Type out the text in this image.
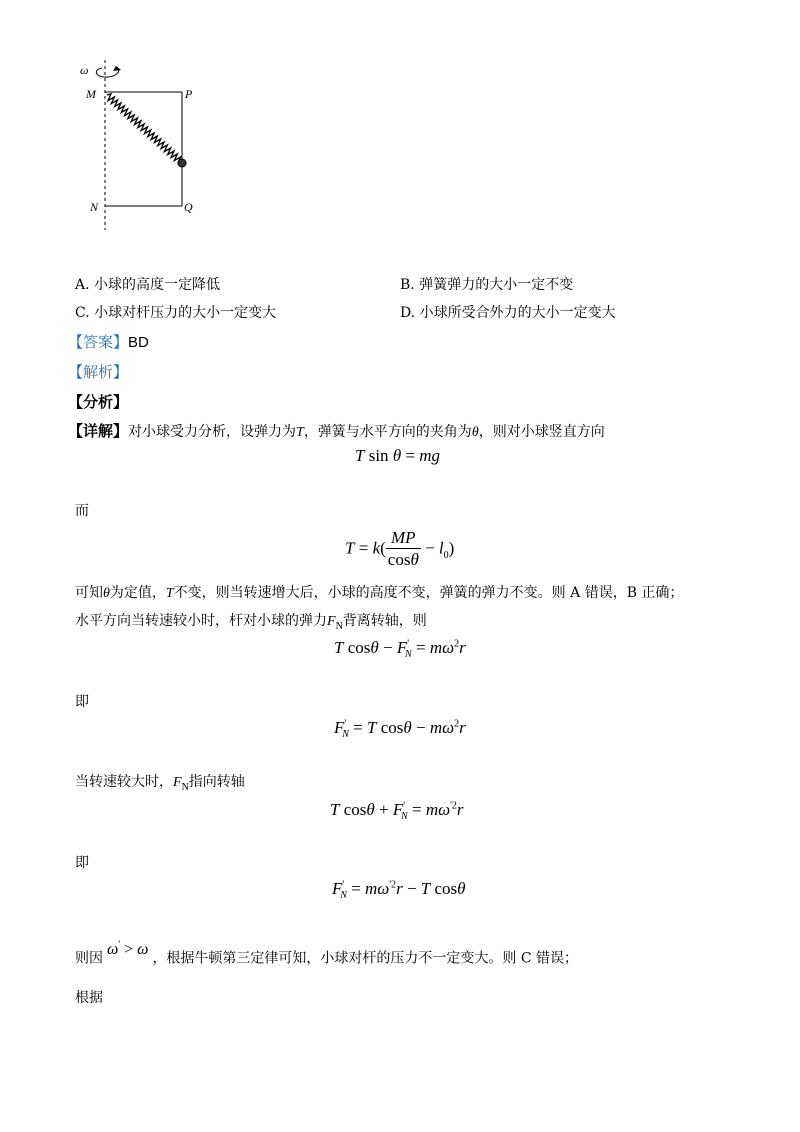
ω
M	P
N	Q
A. 小球的高度一定降低	B. 弹簧弹力的大小一定不变
C. 小球对杆压力的大小一定变大	D. 小球所受合外力的大小一定变大
【答案】BD
【解析】
【分析】
【详解】对小球受力分析，设弹力为T，弹簧与水平方向的夹角为θ，则对小球竖直方向
T sin θ = mg
而
$T = k( \frac{MP}{\cos\theta} - l_0)$
可知θ为定值，T不变，则当转速增大后，小球的高度不变，弹簧的弹力不变。则 A 错误，B 正确；
水平方向当转速较小时，杆对小球的弹力$F_N$背离转轴，则
T $\cos\theta - F'_N = m\omega^2r$
即
$F'_N = T$ $\cos\theta - m\omega^2r$
当转速较大时，$F_N$指向转轴
T $\cos\theta + F'_N = m\omega^{'2}r$
即
$F'_N = m\omega^{'2}r - T$ cosθ
则因 ω' > ω ，根据牛顿第三定律可知，小球对杆的压力不一定变大。则 C 错误；
根据
